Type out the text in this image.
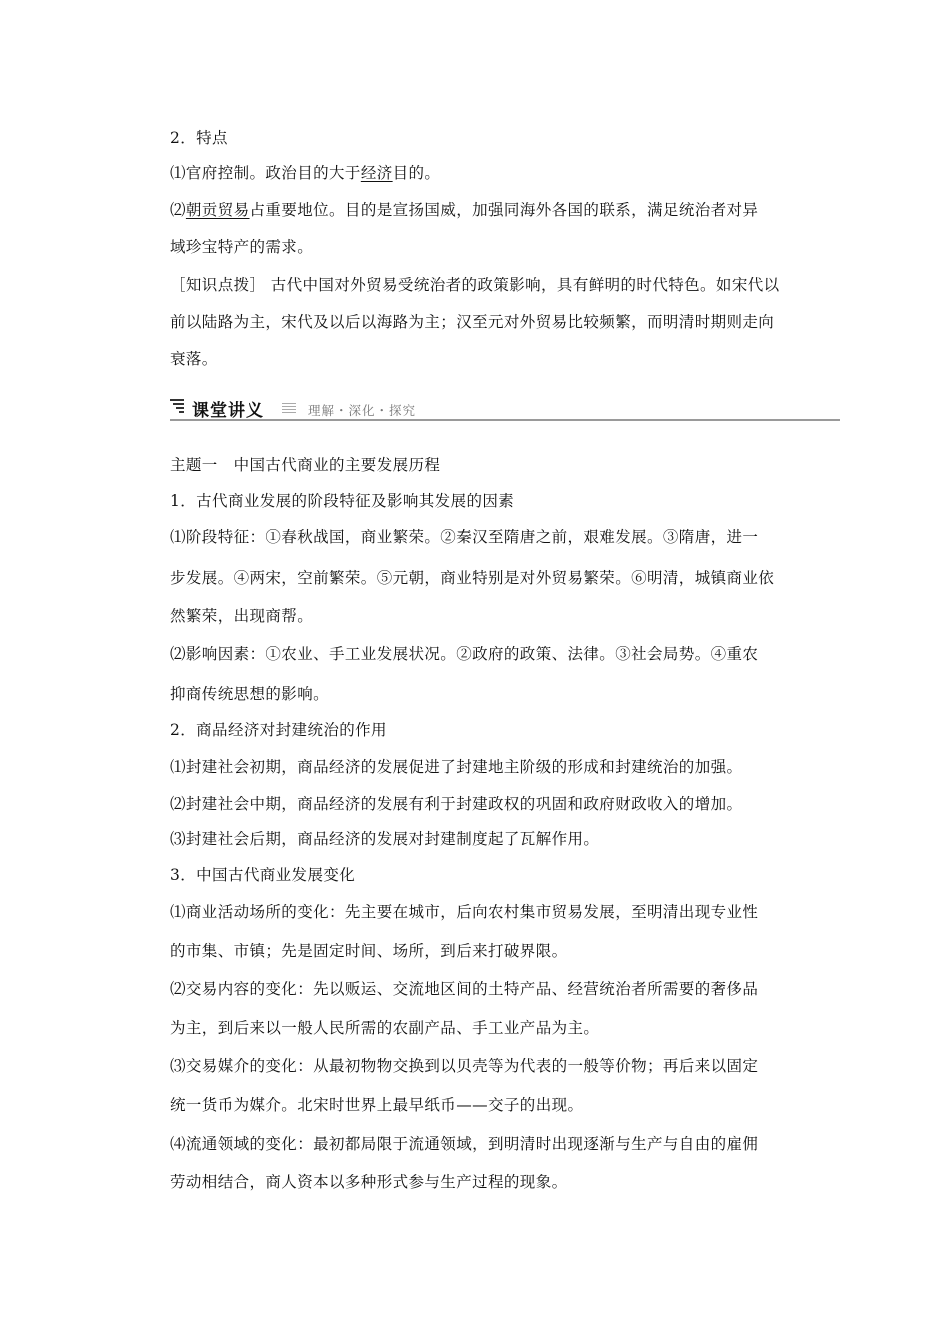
2．特点
⑴官府控制。政治目的大于经济目的。
⑵朝贡贸易占重要地位。目的是宣扬国威，加强同海外各国的联系，满足统治者对异
域珍宝特产的需求。
［知识点拨］ 古代中国对外贸易受统治者的政策影响，具有鲜明的时代特色。如宋代以
前以陆路为主，宋代及以后以海路为主；汉至元对外贸易比较频繁，而明清时期则走向
衰落。
课堂讲义	理解・深化・探究
主题一　中国古代商业的主要发展历程
1．古代商业发展的阶段特征及影响其发展的因素
⑴阶段特征：①春秋战国，商业繁荣。②秦汉至隋唐之前，艰难发展。③隋唐，进一
步发展。④两宋，空前繁荣。⑤元朝，商业特别是对外贸易繁荣。⑥明清，城镇商业依
然繁荣，出现商帮。
⑵影响因素：①农业、手工业发展状况。②政府的政策、法律。③社会局势。④重农
抑商传统思想的影响。
2．商品经济对封建统治的作用
⑴封建社会初期，商品经济的发展促进了封建地主阶级的形成和封建统治的加强。
⑵封建社会中期，商品经济的发展有利于封建政权的巩固和政府财政收入的增加。
⑶封建社会后期，商品经济的发展对封建制度起了瓦解作用。
3．中国古代商业发展变化
⑴商业活动场所的变化：先主要在城市，后向农村集市贸易发展，至明清出现专业性
的市集、市镇；先是固定时间、场所，到后来打破界限。
⑵交易内容的变化：先以贩运、交流地区间的土特产品、经营统治者所需要的奢侈品
为主，到后来以一般人民所需的农副产品、手工业产品为主。
⑶交易媒介的变化：从最初物物交换到以贝壳等为代表的一般等价物；再后来以固定
统一货币为媒介。北宋时世界上最早纸币——交子的出现。
⑷流通领域的变化：最初都局限于流通领域，到明清时出现逐渐与生产与自由的雇佣
劳动相结合，商人资本以多种形式参与生产过程的现象。
